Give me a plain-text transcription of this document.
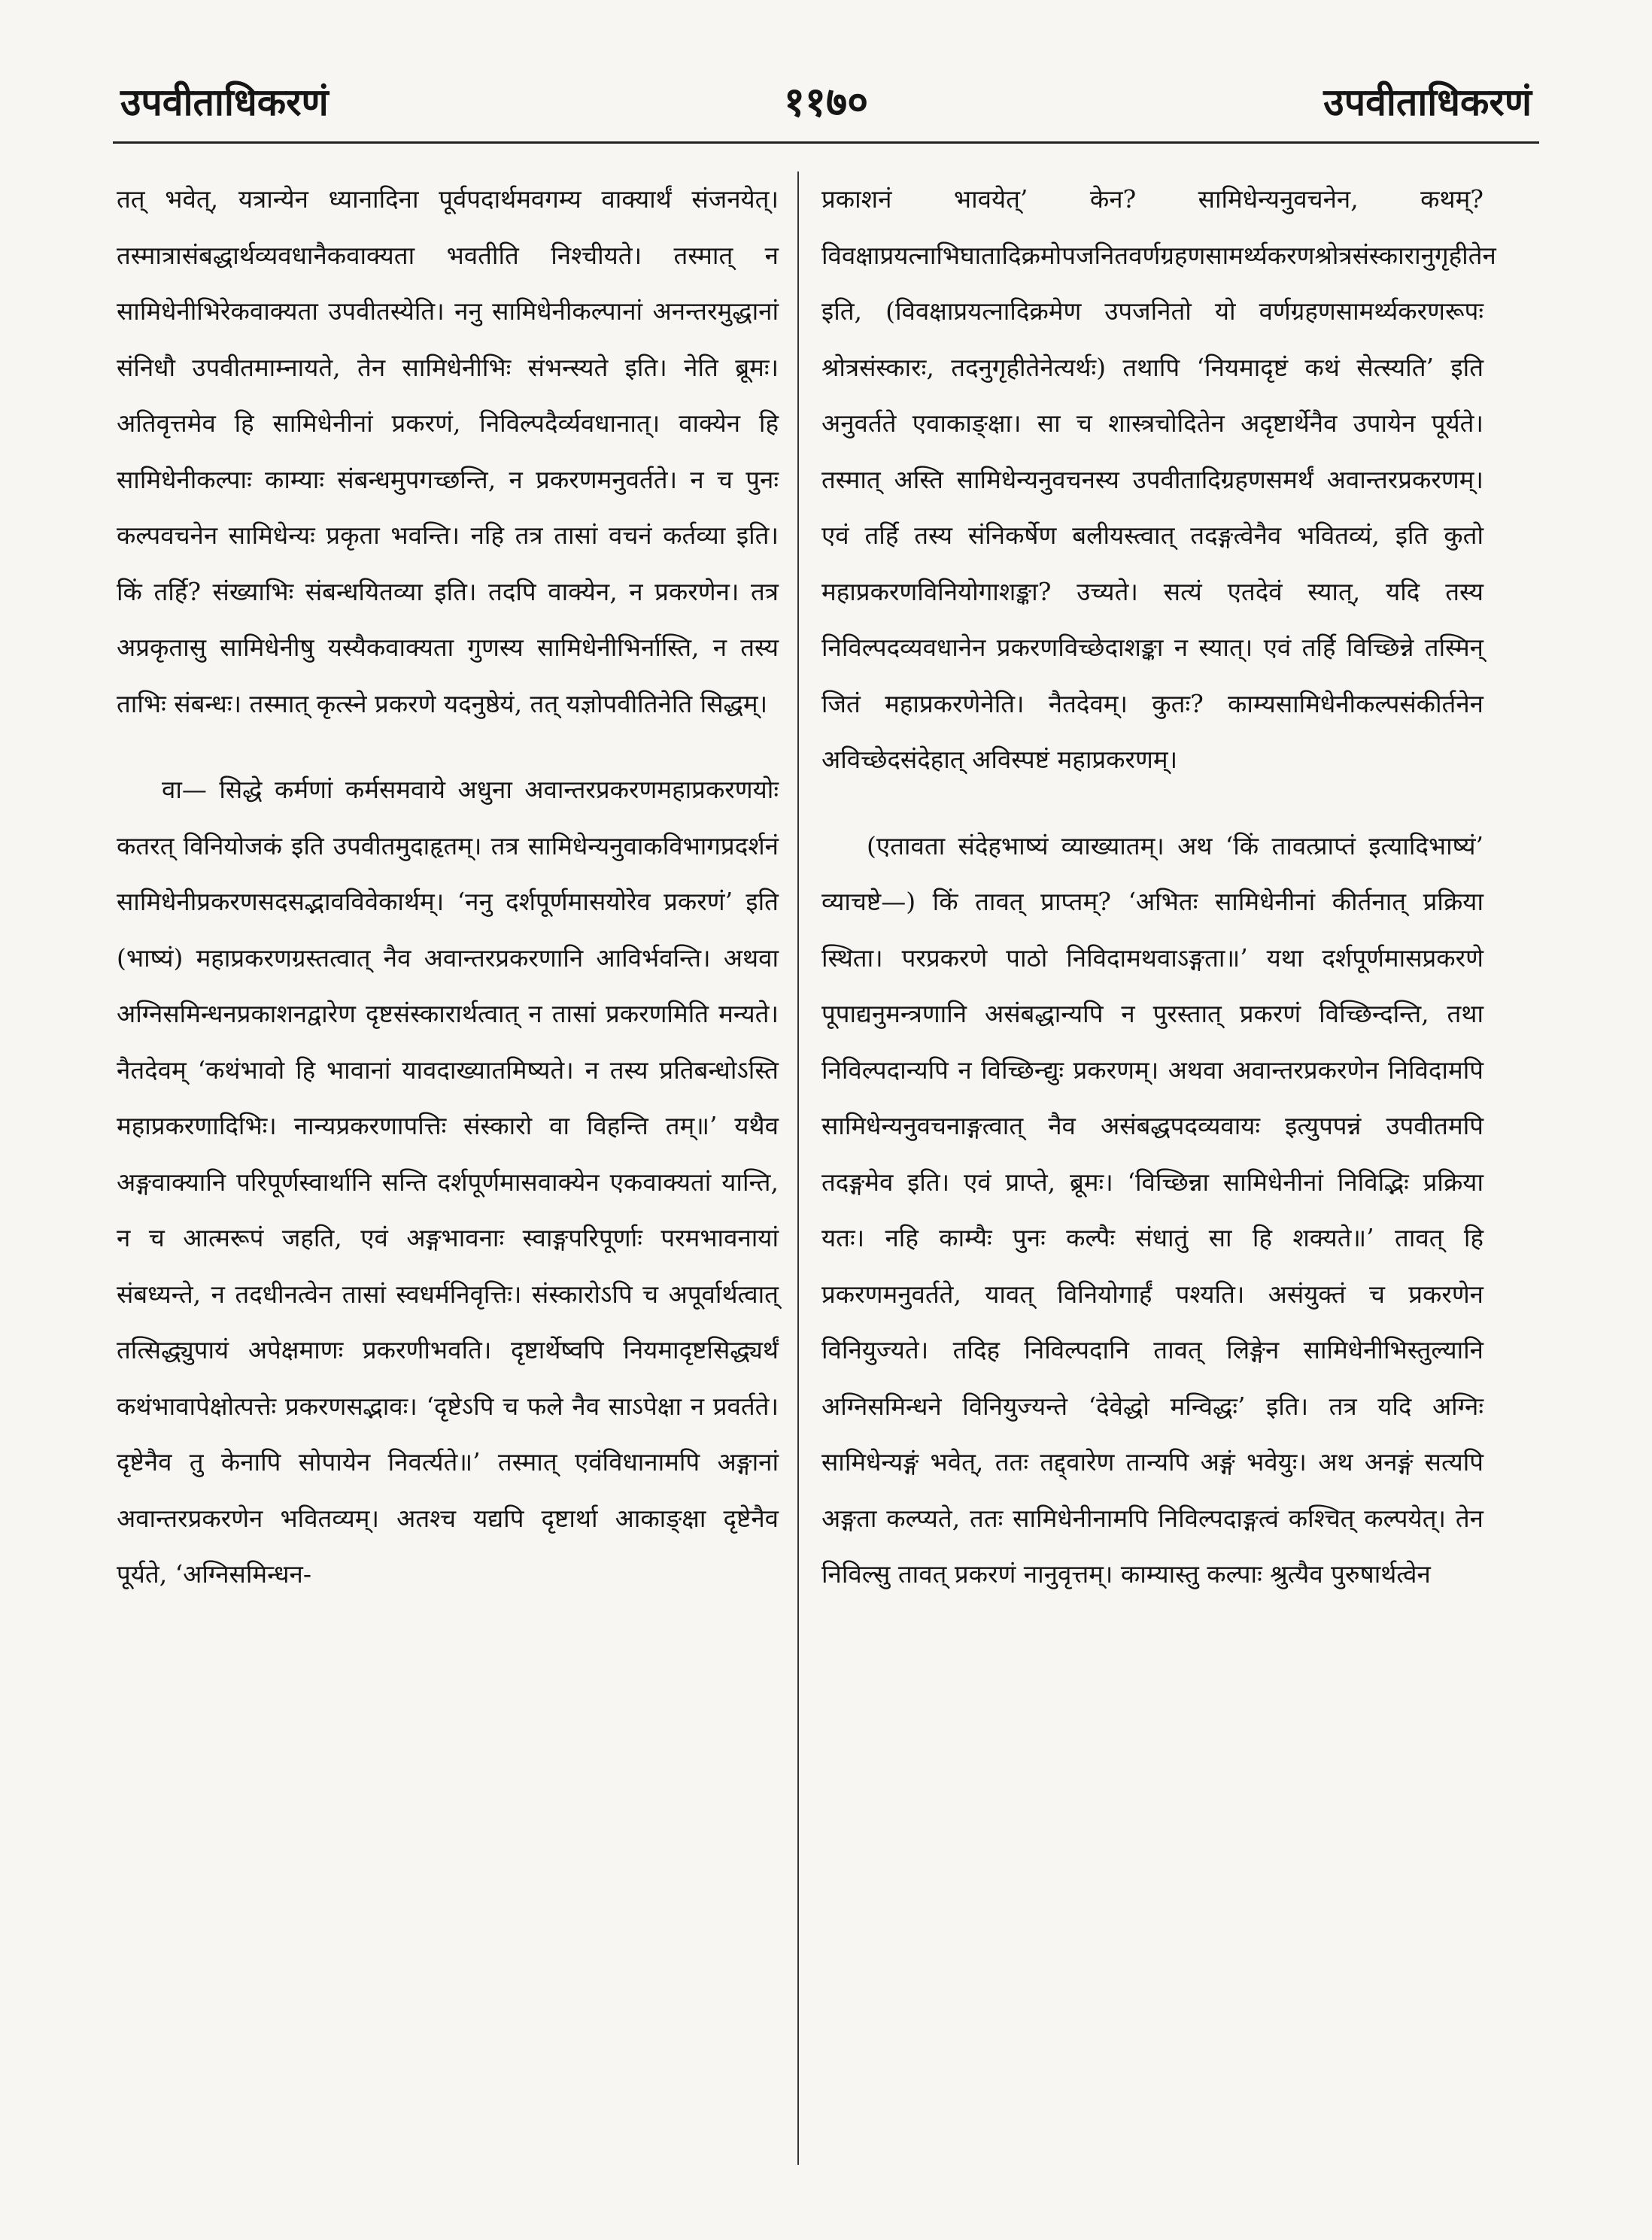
उपवीताधिकरणं	११७०	उपवीताधिकरणं

तत् भवेत्, यत्रान्येन ध्यानादिना पूर्वपदार्थमवगम्य वाक्यार्थं संजनयेत्। तस्मात्रासंबद्धार्थव्यवधानैकवाक्यता भवतीति निश्चीयते। तस्मात् न सामिधेनीभिरेकवाक्यता उपवीतस्येति। ननु सामिधेनीकल्पानां अनन्तरमुद्धानां संनिधौ उपवीतमाम्नायते, तेन सामिधेनीभिः संभन्स्यते इति। नेति ब्रूमः। अतिवृत्तमेव हि सामिधेनीनां प्रकरणं, निविल्पदैर्व्यवधानात्। वाक्येन हि सामिधेनीकल्पाः काम्याः संबन्धमुपगच्छन्ति, न प्रकरणमनुवर्तते। न च पुनः कल्पवचनेन सामिधेन्यः प्रकृता भवन्ति। नहि तत्र तासां वचनं कर्तव्या इति। किं तर्हि? संख्याभिः संबन्धयितव्या इति। तदपि वाक्येन, न प्रकरणेन। तत्र अप्रकृतासु सामिधेनीषु यस्यैकवाक्यता गुणस्य सामिधेनीभिर्नास्ति, न तस्य ताभिः संबन्धः। तस्मात् कृत्स्ने प्रकरणे यदनुष्ठेयं, तत् यज्ञोपवीतिनेति सिद्धम्।

वा— सिद्धे कर्मणां कर्मसमवाये अधुना अवान्तरप्रकरणमहाप्रकरणयोः कतरत् विनियोजकं इति उपवीतमुदाहृतम्। तत्र सामिधेन्यनुवाकविभागप्रदर्शनं सामिधेनीप्रकरणसदसद्भावविवेकार्थम्। ‘ननु दर्शपूर्णमासयोरेव प्रकरणं’ इति (भाष्यं) महाप्रकरणग्रस्तत्वात् नैव अवान्तरप्रकरणानि आविर्भवन्ति। अथवा अग्निसमिन्धनप्रकाशनद्वारेण दृष्टसंस्कारार्थत्वात् न तासां प्रकरणमिति मन्यते। नैतदेवम् ‘कथंभावो हि भावानां यावदाख्यातमिष्यते। न तस्य प्रतिबन्धोऽस्ति महाप्रकरणादिभिः। नान्यप्रकरणापत्तिः संस्कारो वा विहन्ति तम्॥’ यथैव अङ्गवाक्यानि परिपूर्णस्वार्थानि सन्ति दर्शपूर्णमासवाक्येन एकवाक्यतां यान्ति, न च आत्मरूपं जहति, एवं अङ्गभावनाः स्वाङ्गपरिपूर्णाः परमभावनायां संबध्यन्ते, न तदधीनत्वेन तासां स्वधर्मनिवृत्तिः। संस्कारोऽपि च अपूर्वार्थत्वात् तत्सिद्ध्युपायं अपेक्षमाणः प्रकरणीभवति। दृष्टार्थेष्वपि नियमादृष्टसिद्ध्यर्थं कथंभावापेक्षोत्पत्तेः प्रकरणसद्भावः। ‘दृष्टेऽपि च फले नैव साऽपेक्षा न प्रवर्तते। दृष्टेनैव तु केनापि सोपायेन निवर्त्यते॥’ तस्मात् एवंविधानामपि अङ्गानां अवान्तरप्रकरणेन भवितव्यम्। अतश्च यद्यपि दृष्टार्था आकाङ्क्षा दृष्टेनैव पूर्यते, ‘अग्निसमिन्धन-

प्रकाशनं भावयेत्’ केन? सामिधेन्यनुवचनेन, कथम्? विवक्षाप्रयत्नाभिघातादिक्रमोपजनितवर्णग्रहणसामर्थ्यकरणश्रोत्रसंस्कारानुगृहीतेन इति, (विवक्षाप्रयत्नादिक्रमेण उपजनितो यो वर्णग्रहणसामर्थ्यकरणरूपः श्रोत्रसंस्कारः, तदनुगृहीतेनेत्यर्थः) तथापि ‘नियमादृष्टं कथं सेत्स्यति’ इति अनुवर्तते एवाकाङ्क्षा। सा च शास्त्रचोदितेन अदृष्टार्थेनैव उपायेन पूर्यते। तस्मात् अस्ति सामिधेन्यनुवचनस्य उपवीतादिग्रहणसमर्थं अवान्तरप्रकरणम्। एवं तर्हि तस्य संनिकर्षेण बलीयस्त्वात् तदङ्गत्वेनैव भवितव्यं, इति कुतो महाप्रकरणविनियोगाशङ्का? उच्यते। सत्यं एतदेवं स्यात्, यदि तस्य निविल्पदव्यवधानेन प्रकरणविच्छेदाशङ्का न स्यात्। एवं तर्हि विच्छिन्ने तस्मिन् जितं महाप्रकरणेनेति। नैतदेवम्। कुतः? काम्यसामिधेनीकल्पसंकीर्तनेन अविच्छेदसंदेहात् अविस्पष्टं महाप्रकरणम्।

(एतावता संदेहभाष्यं व्याख्यातम्। अथ ‘किं तावत्प्राप्तं इत्यादिभाष्यं’ व्याचष्टे—) किं तावत् प्राप्तम्? ‘अभितः सामिधेनीनां कीर्तनात् प्रक्रिया स्थिता। परप्रकरणे पाठो निविदामथवाऽङ्गता॥’ यथा दर्शपूर्णमासप्रकरणे पूपाद्यनुमन्त्रणानि असंबद्धान्यपि न पुरस्तात् प्रकरणं विच्छिन्दन्ति, तथा निविल्पदान्यपि न विच्छिन्द्युः प्रकरणम्। अथवा अवान्तरप्रकरणेन निविदामपि सामिधेन्यनुवचनाङ्गत्वात् नैव असंबद्धपदव्यवायः इत्युपपन्नं उपवीतमपि तदङ्गमेव इति। एवं प्राप्ते, ब्रूमः। ‘विच्छिन्ना सामिधेनीनां निविद्भिः प्रक्रिया यतः। नहि काम्यैः पुनः कल्पैः संधातुं सा हि शक्यते॥’ तावत् हि प्रकरणमनुवर्तते, यावत् विनियोगार्हं पश्यति। असंयुक्तं च प्रकरणेन विनियुज्यते। तदिह निविल्पदानि तावत् लिङ्गेन सामिधेनीभिस्तुल्यानि अग्निसमिन्धने विनियुज्यन्ते ‘देवेद्धो मन्विद्धः’ इति। तत्र यदि अग्निः सामिधेन्यङ्गं भवेत्, ततः तद्द्वारेण तान्यपि अङ्गं भवेयुः। अथ अनङ्गं सत्यपि अङ्गता कल्प्यते, ततः सामिधेनीनामपि निविल्पदाङ्गत्वं कश्चित् कल्पयेत्। तेन निविल्सु तावत् प्रकरणं नानुवृत्तम्। काम्यास्तु कल्पाः श्रुत्यैव पुरुषार्थत्वेन
